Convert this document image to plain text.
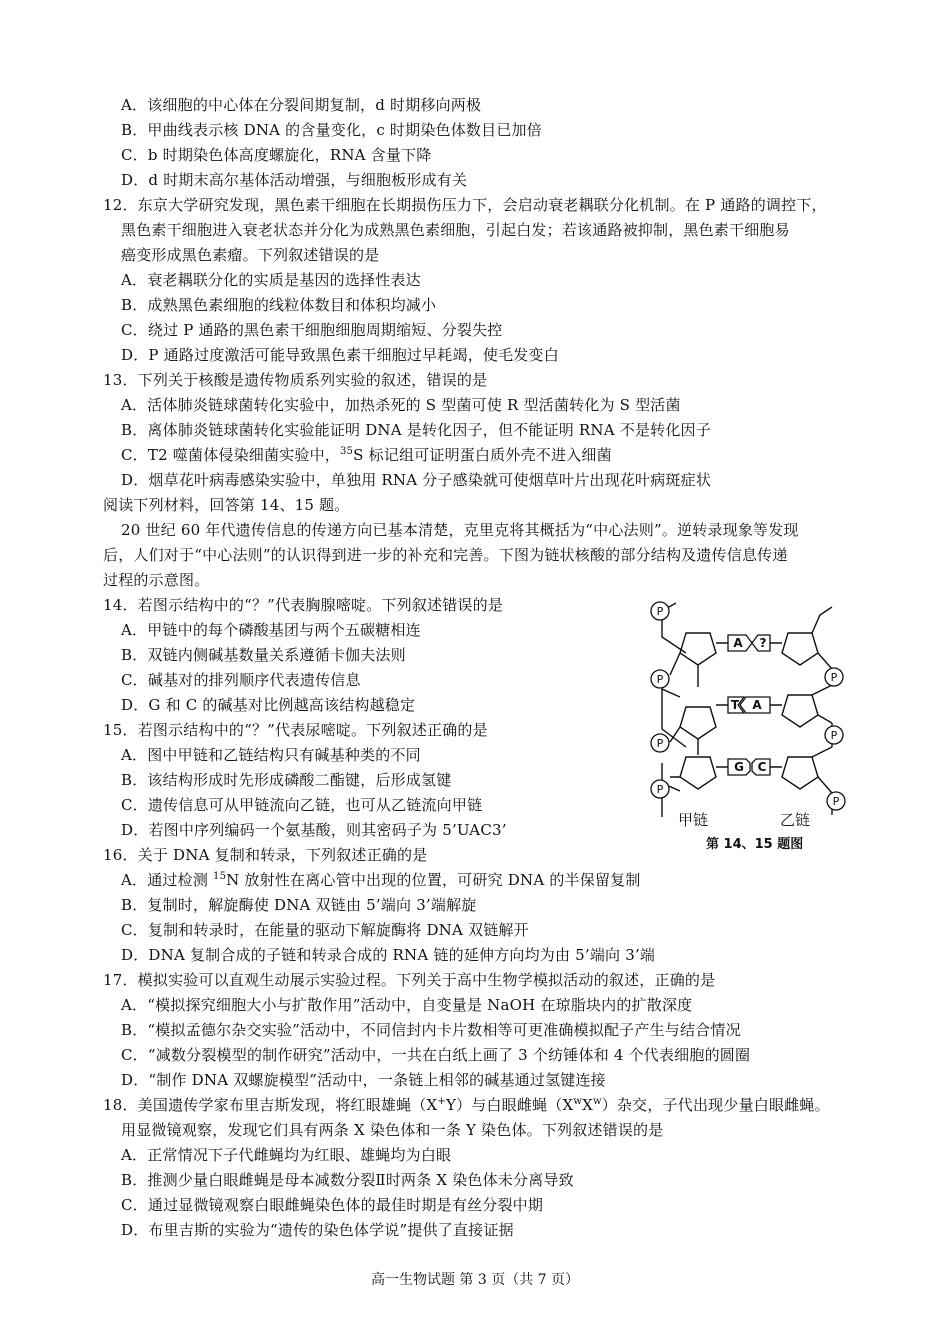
A．该细胞的中心体在分裂间期复制，d 时期移向两极
B．甲曲线表示核 DNA 的含量变化，c 时期染色体数目已加倍
C．b 时期染色体高度螺旋化，RNA 含量下降
D．d 时期末高尔基体活动增强，与细胞板形成有关
12．东京大学研究发现，黑色素干细胞在长期损伤压力下，会启动衰老耦联分化机制。在 P 通路的调控下，
黑色素干细胞进入衰老状态并分化为成熟黑色素细胞，引起白发；若该通路被抑制，黑色素干细胞易
癌变形成黑色素瘤。下列叙述错误的是
A．衰老耦联分化的实质是基因的选择性表达
B．成熟黑色素细胞的线粒体数目和体积均减小
C．绕过 P 通路的黑色素干细胞细胞周期缩短、分裂失控
D．P 通路过度激活可能导致黑色素干细胞过早耗竭，使毛发变白
13．下列关于核酸是遗传物质系列实验的叙述，错误的是
A．活体肺炎链球菌转化实验中，加热杀死的 S 型菌可使 R 型活菌转化为 S 型活菌
B．离体肺炎链球菌转化实验能证明 DNA 是转化因子，但不能证明 RNA 不是转化因子
C．T2 噬菌体侵染细菌实验中，$^{35}$S 标记组可证明蛋白质外壳不进入细菌
D．烟草花叶病毒感染实验中，单独用 RNA 分子感染就可使烟草叶片出现花叶病斑症状
阅读下列材料，回答第 14、15 题。
20 世纪 60 年代遗传信息的传递方向已基本清楚，克里克将其概括为“中心法则”。逆转录现象等发现
后，人们对于“中心法则”的认识得到进一步的补充和完善。下图为链状核酸的部分结构及遗传信息传递
过程的示意图。
14．若图示结构中的“？”代表胸腺嘧啶。下列叙述错误的是
A．甲链中的每个磷酸基团与两个五碳糖相连
B．双链内侧碱基数量关系遵循卡伽夫法则
C．碱基对的排列顺序代表遗传信息
D．G 和 C 的碱基对比例越高该结构越稳定
15．若图示结构中的“？”代表尿嘧啶。下列叙述正确的是
A．图中甲链和乙链结构只有碱基种类的不同
B．该结构形成时先形成磷酸二酯键，后形成氢键
C．遗传信息可从甲链流向乙链，也可从乙链流向甲链
D．若图中序列编码一个氨基酸，则其密码子为 5’UAC3’
P
P
P
P
P
P
P
A ?
T A
G C
甲链	乙链
第 14、15 题图
16．关于 DNA 复制和转录，下列叙述正确的是
A．通过检测 $^{15}$N 放射性在离心管中出现的位置，可研究 DNA 的半保留复制
B．复制时，解旋酶使 DNA 双链由 5’端向 3’端解旋
C．复制和转录时，在能量的驱动下解旋酶将 DNA 双链解开
D．DNA 复制合成的子链和转录合成的 RNA 链的延伸方向均为由 5’端向 3’端
17．模拟实验可以直观生动展示实验过程。下列关于高中生物学模拟活动的叙述，正确的是
A．“模拟探究细胞大小与扩散作用”活动中，自变量是 NaOH 在琼脂块内的扩散深度
B．“模拟孟德尔杂交实验”活动中，不同信封内卡片数相等可更准确模拟配子产生与结合情况
C．“减数分裂模型的制作研究”活动中，一共在白纸上画了 3 个纺锤体和 4 个代表细胞的圆圈
D．“制作 DNA 双螺旋模型”活动中，一条链上相邻的碱基通过氢键连接
18．美国遗传学家布里吉斯发现，将红眼雄蝇（X+Y）与白眼雌蝇$(X^wX^w)$杂交，子代出现少量白眼雌蝇。
用显微镜观察，发现它们具有两条 X 染色体和一条 Y 染色体。下列叙述错误的是
A．正常情况下子代雌蝇均为红眼、雄蝇均为白眼
B．推测少量白眼雌蝇是母本减数分裂Ⅱ时两条 X 染色体未分离导致
C．通过显微镜观察白眼雌蝇染色体的最佳时期是有丝分裂中期
D．布里吉斯的实验为“遗传的染色体学说”提供了直接证据
高一生物试题 第 3 页（共 7 页）
